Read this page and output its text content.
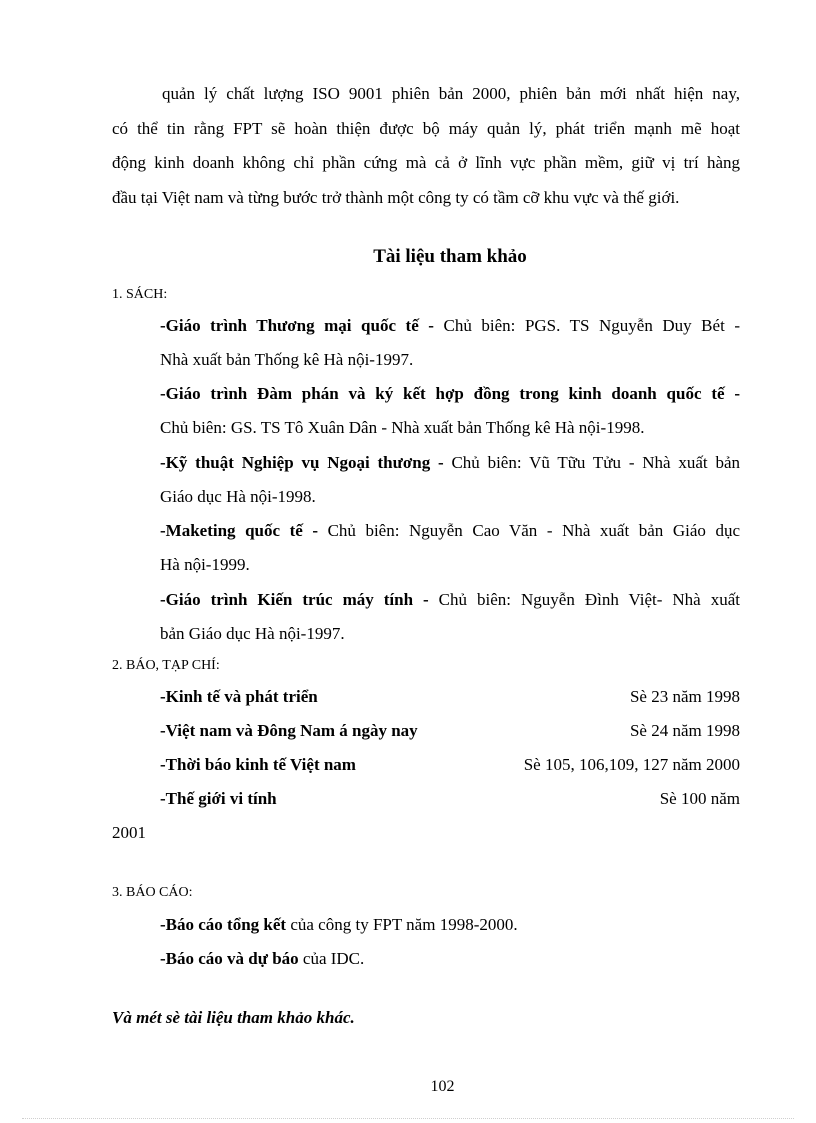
quản lý chất lượng ISO 9001 phiên bản 2000, phiên bản mới nhất hiện nay,
có thể tin rằng FPT sẽ hoàn thiện được bộ máy quản lý, phát triển mạnh mẽ hoạt
động kinh doanh không chỉ phần cứng mà cả ở lĩnh vực phần mềm, giữ vị trí hàng
đầu tại Việt nam và từng bước trở thành một công ty có tầm cỡ khu vực và thế giới.
Tài liệu tham khảo
1. SÁCH:
-Giáo trình Thương mại quốc tế - Chủ biên: PGS. TS Nguyễn Duy Bét -
Nhà xuất bản Thống kê Hà nội-1997.
-Giáo trình Đàm phán và ký kết hợp đồng trong kinh doanh quốc tế -
Chủ biên: GS. TS Tô Xuân Dân - Nhà xuất bản Thống kê Hà nội-1998.
-Kỹ thuật Nghiệp vụ Ngoại thương - Chủ biên: Vũ Tữu Tửu - Nhà xuất bản
Giáo dục Hà nội-1998.
-Maketing quốc tế - Chủ biên: Nguyễn Cao Văn - Nhà xuất bản Giáo dục
Hà nội-1999.
-Giáo trình Kiến trúc máy tính - Chủ biên: Nguyễn Đình Việt- Nhà xuất
bản Giáo dục Hà nội-1997.
2. BÁO, TẠP CHÍ:
-Kinh tế và phát triển	Sè 23 năm 1998
-Việt nam và Đông Nam á ngày nay	Sè 24 năm 1998
-Thời báo kinh tế Việt nam	Sè 105, 106,109, 127 năm 2000
-Thế giới vi tính	Sè 100 năm
2001
3. BÁO CÁO:
-Báo cáo tổng kết của công ty FPT năm 1998-2000.
-Báo cáo và dự báo của IDC.
Và mét sè tài liệu tham khảo khác.
102
